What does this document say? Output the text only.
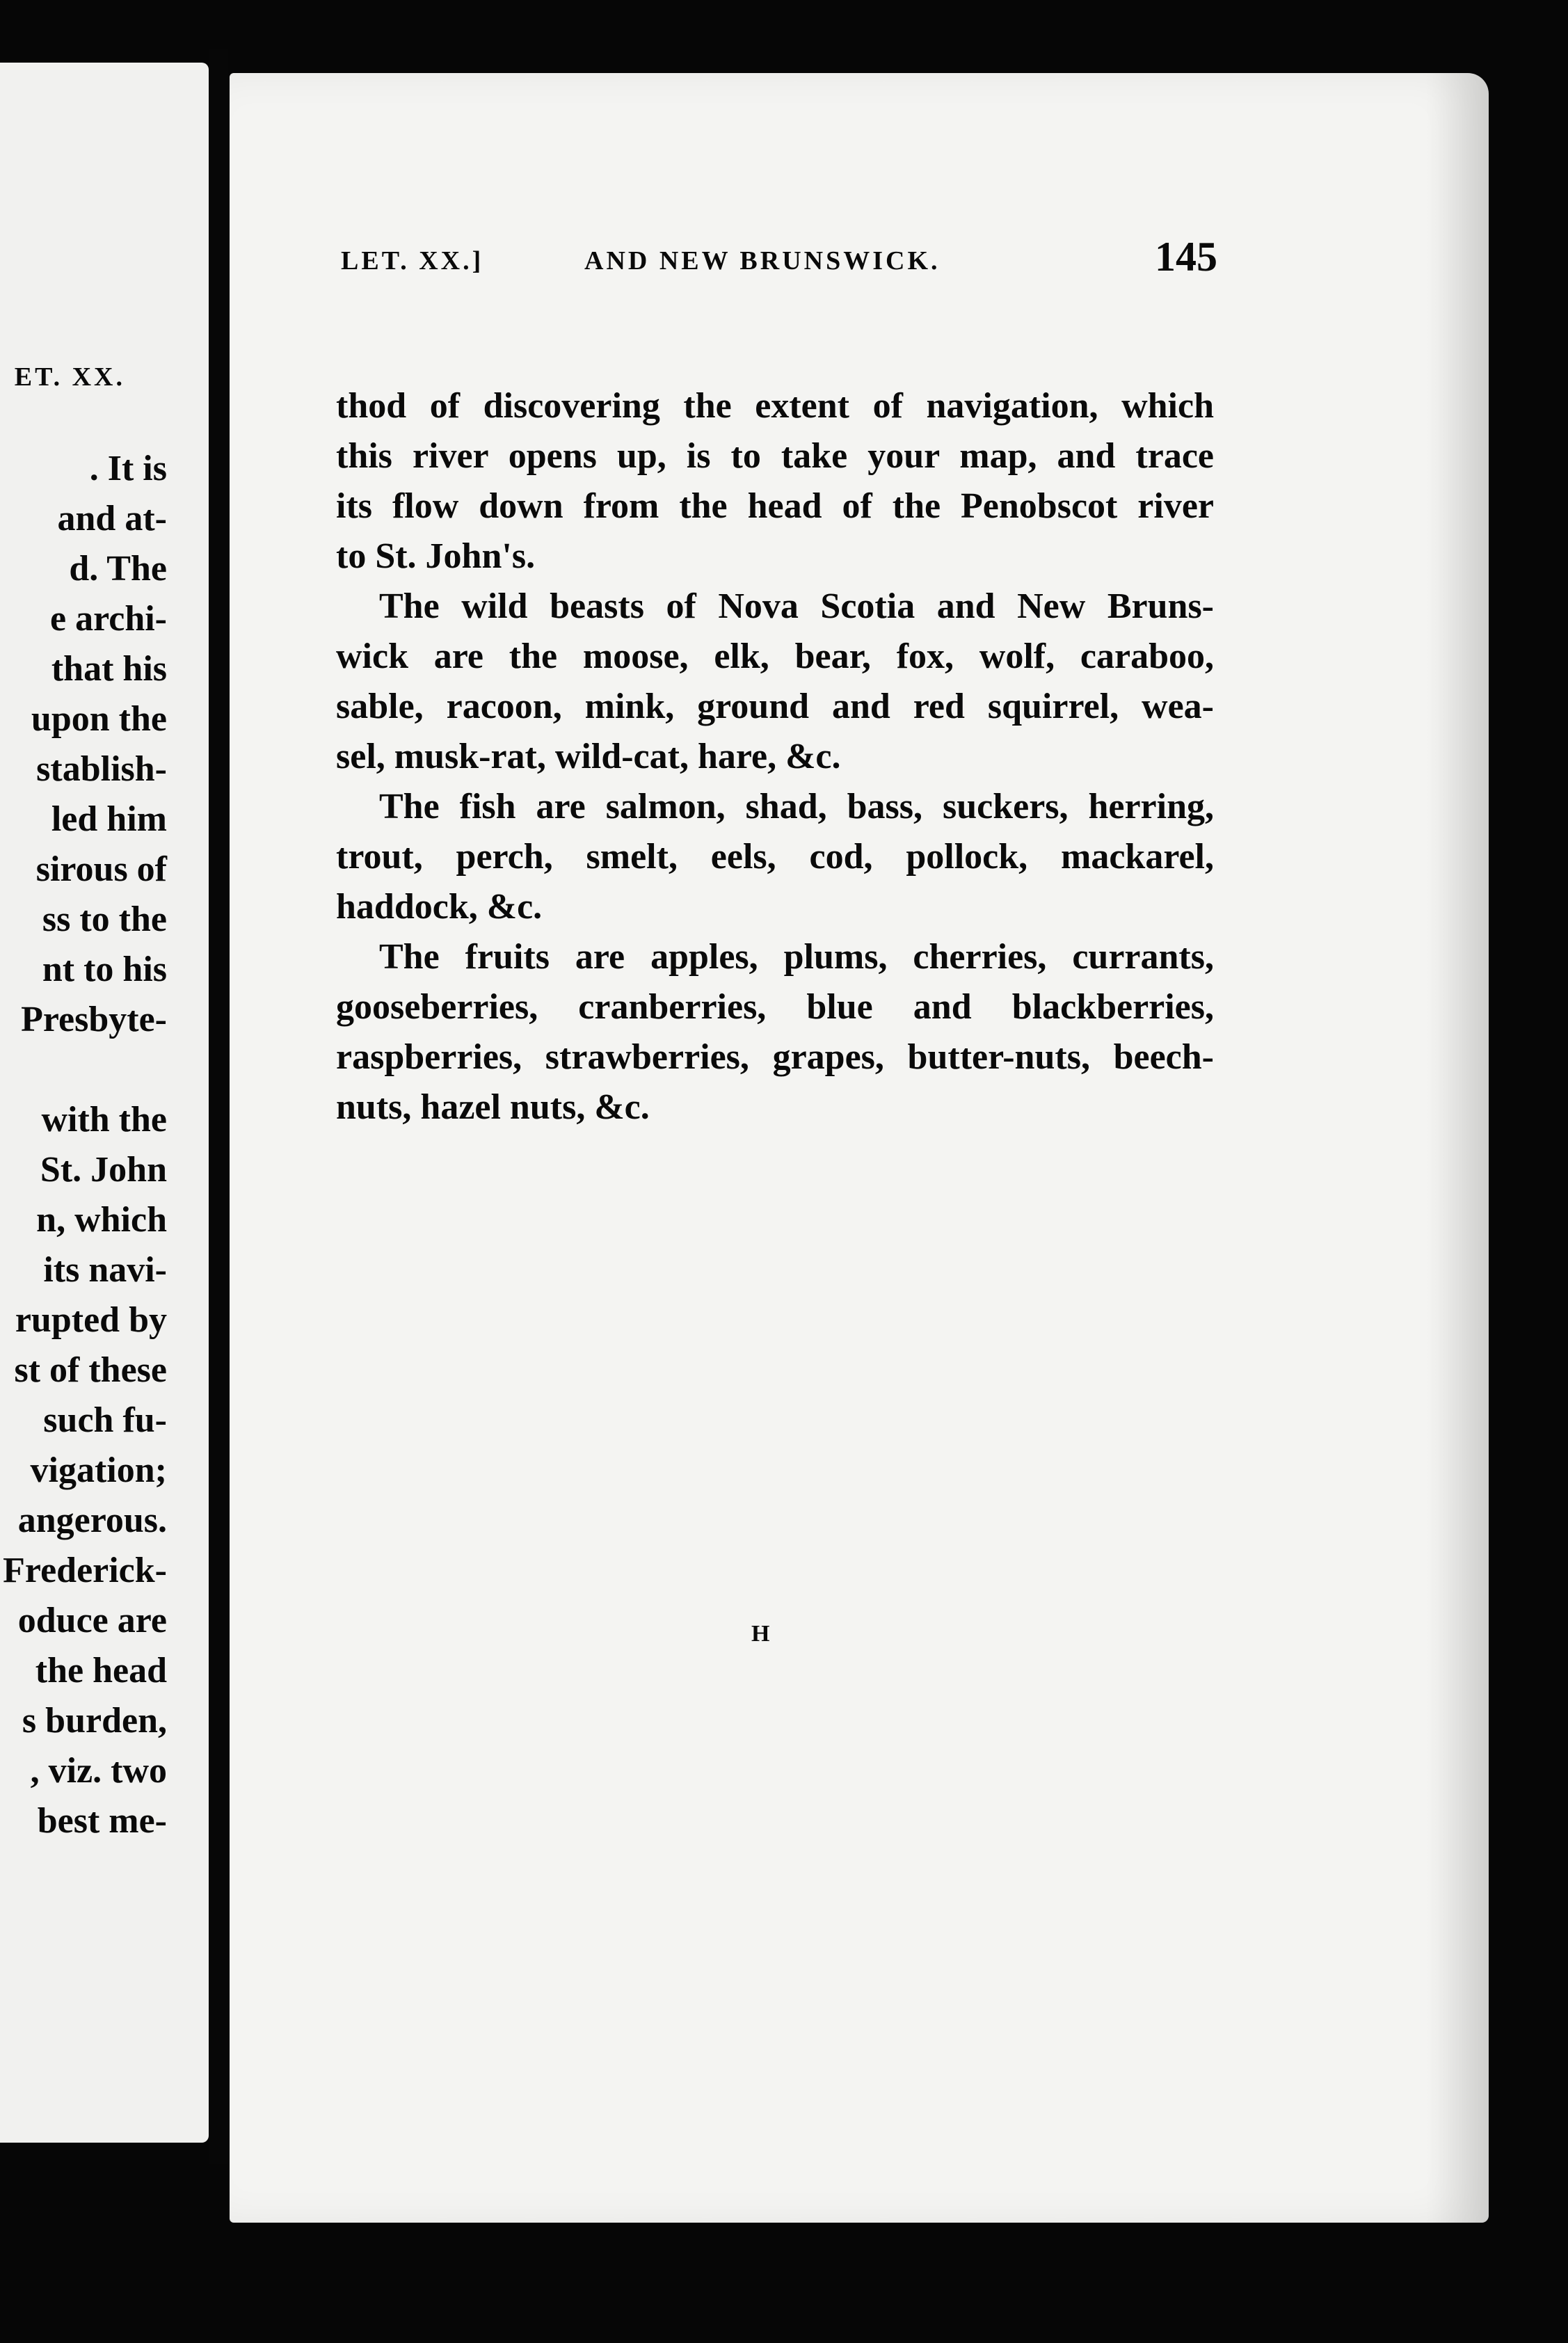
ET. XX.
. It is
and at-
d. The
e archi-
that his
upon the
stablish-
led him
sirous of
ss to the
nt to his
Presbyte-
with the
St. John
n, which
its navi-
rupted by
st of these
such fu-
vigation;
angerous.
Frederick-
oduce are
the head
s burden,
, viz. two
best me-
LET. XX.]	AND NEW BRUNSWICK.	145
thod of discovering the extent of navigation, which
this river opens up, is to take your map, and trace
its flow down from the head of the Penobscot river
to St. John's.
The wild beasts of Nova Scotia and New Bruns-
wick are the moose, elk, bear, fox, wolf, caraboo,
sable, racoon, mink, ground and red squirrel, wea-
sel, musk-rat, wild-cat, hare, &c.
The fish are salmon, shad, bass, suckers, herring,
trout, perch, smelt, eels, cod, pollock, mackarel,
haddock, &c.
The fruits are apples, plums, cherries, currants,
gooseberries, cranberries, blue and blackberries,
raspberries, strawberries, grapes, butter-nuts, beech-
nuts, hazel nuts, &c.
H
